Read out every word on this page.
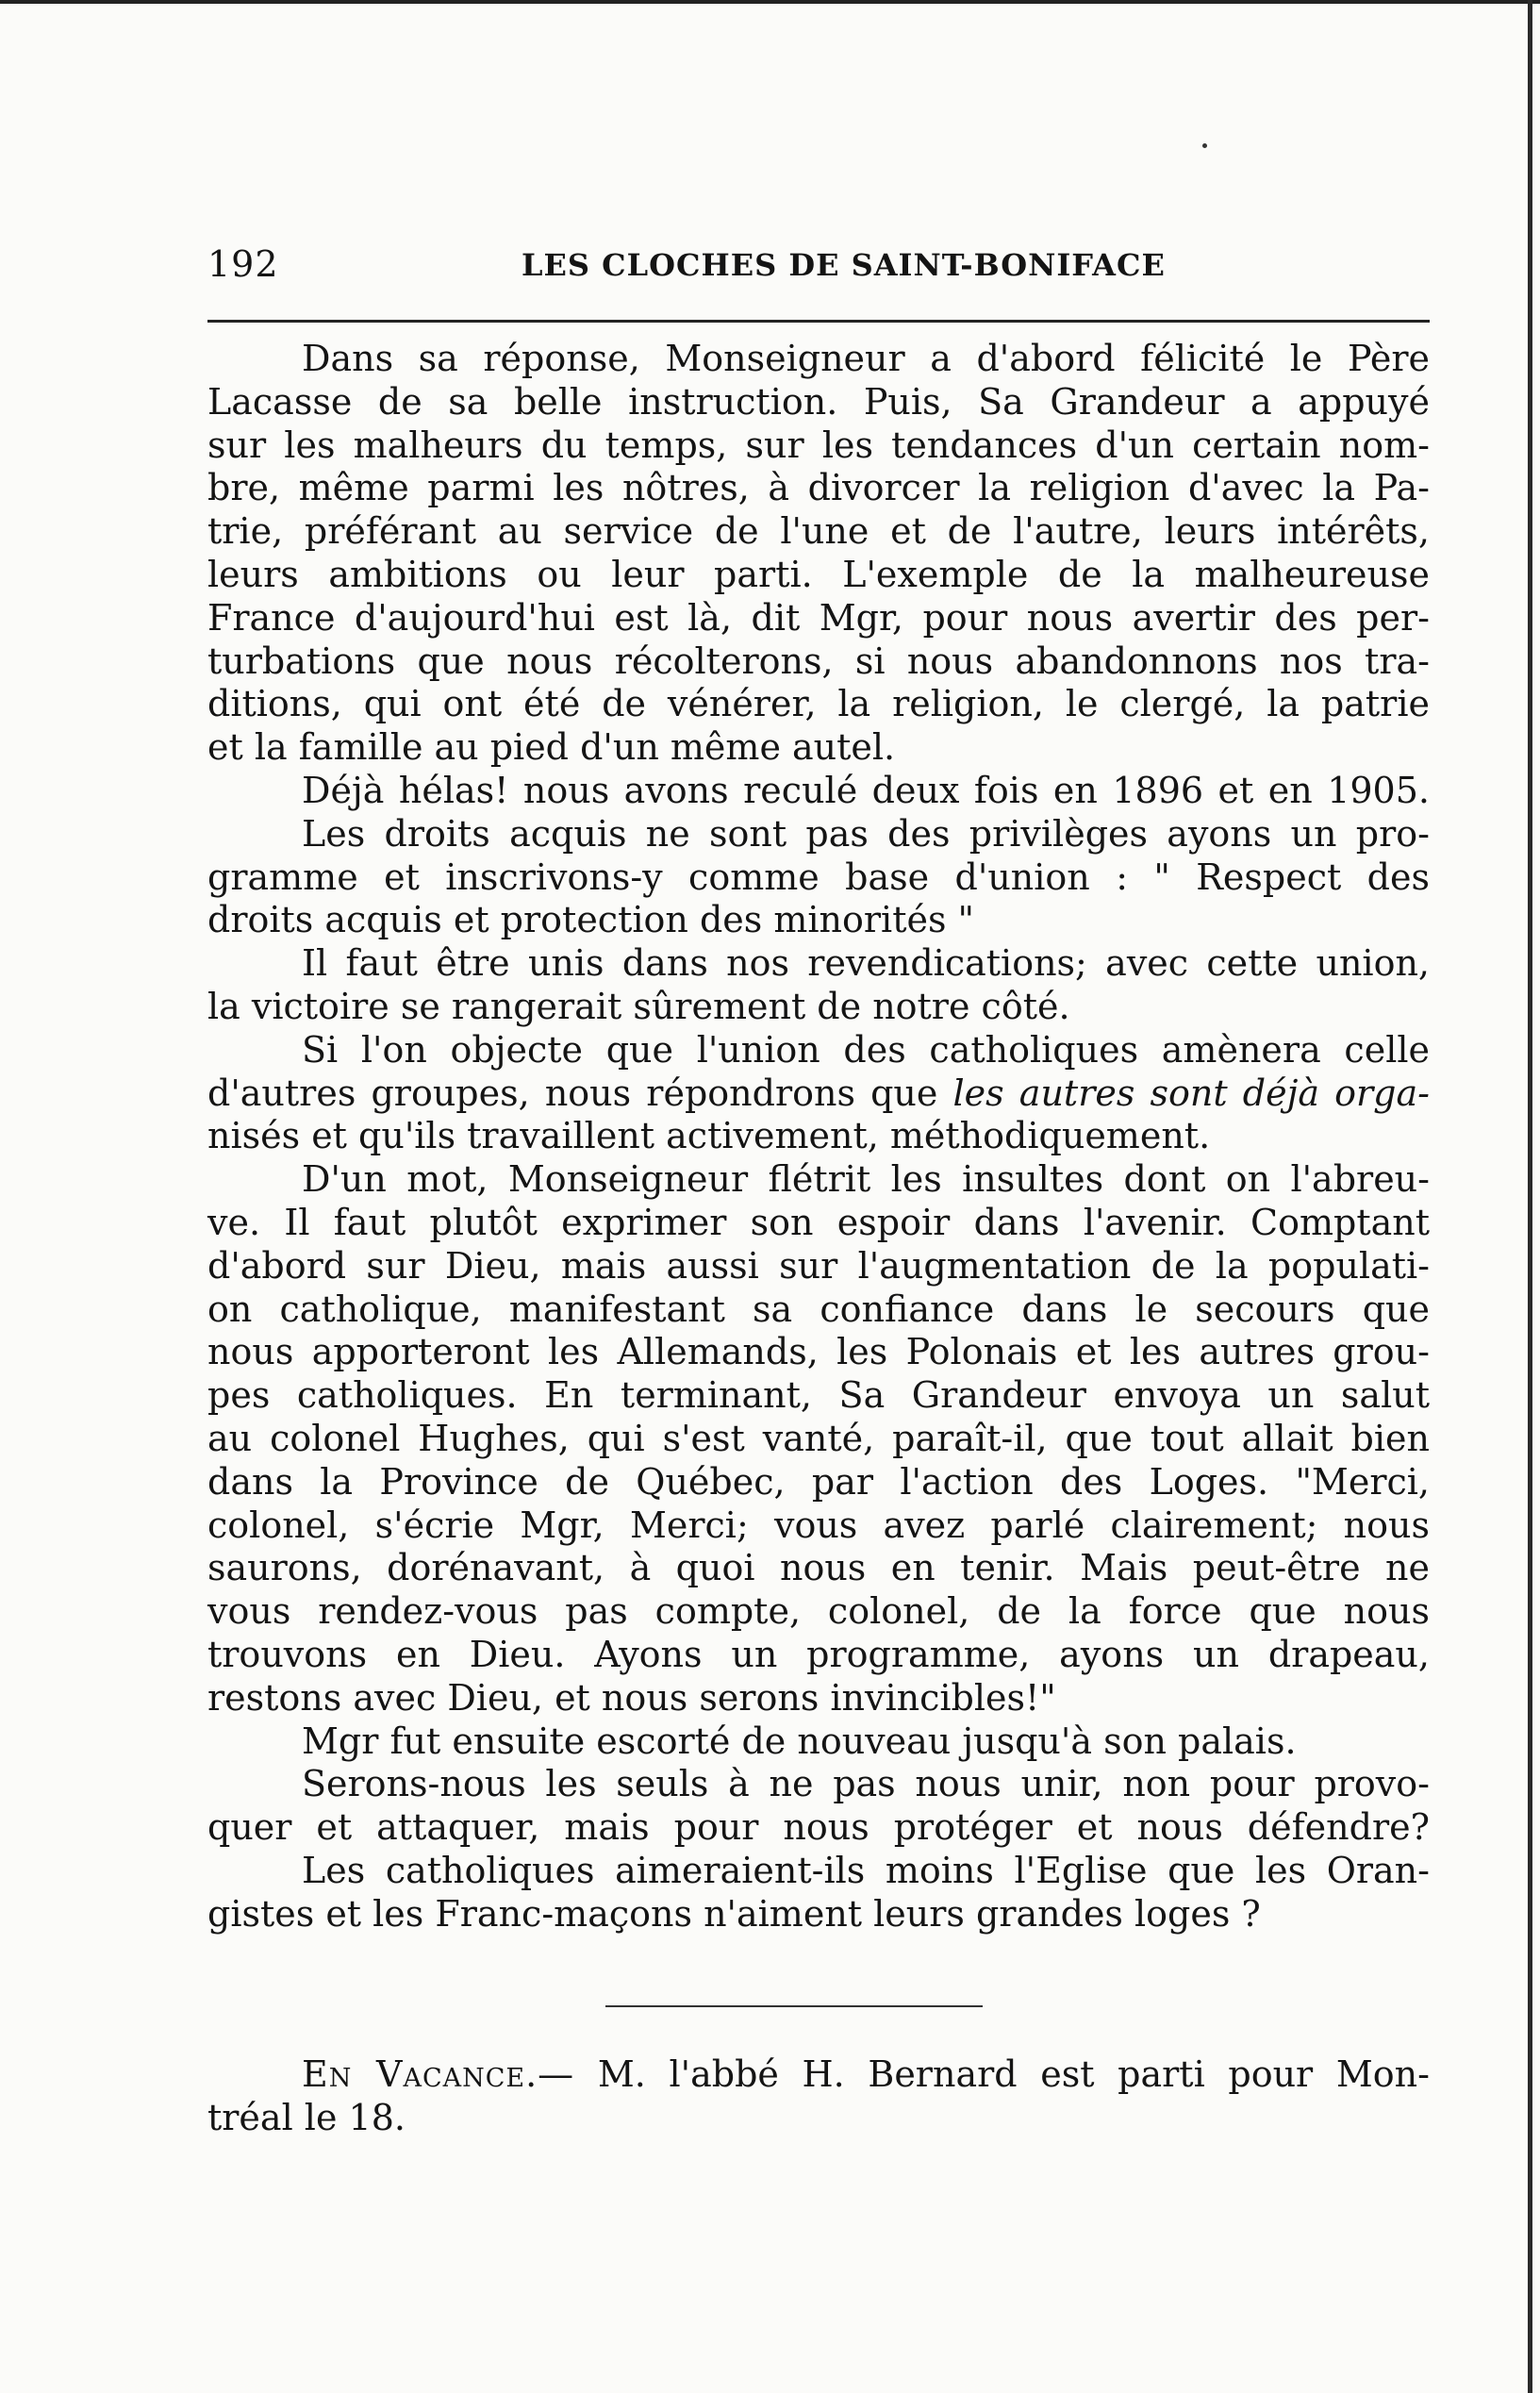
192	LES CLOCHES DE SAINT-BONIFACE
Dans sa réponse, Monseigneur a d'abord félicité le Père
Lacasse de sa belle instruction. Puis, Sa Grandeur a appuyé
sur les malheurs du temps, sur les tendances d'un certain nom-
bre, même parmi les nôtres, à divorcer la religion d'avec la Pa-
trie, préférant au service de l'une et de l'autre, leurs intérêts,
leurs ambitions ou leur parti. L'exemple de la malheureuse
France d'aujourd'hui est là, dit Mgr, pour nous avertir des per-
turbations que nous récolterons, si nous abandonnons nos tra-
ditions, qui ont été de vénérer, la religion, le clergé, la patrie
et la famille au pied d'un même autel.
Déjà hélas! nous avons reculé deux fois en 1896 et en 1905.
Les droits acquis ne sont pas des privilèges ayons un pro-
gramme et inscrivons-y comme base d'union : " Respect des
droits acquis et protection des minorités "
Il faut être unis dans nos revendications; avec cette union,
la victoire se rangerait sûrement de notre côté.
Si l'on objecte que l'union des catholiques amènera celle
d'autres groupes, nous répondrons que les autres sont déjà orga-
nisés et qu'ils travaillent activement, méthodiquement.
D'un mot, Monseigneur flétrit les insultes dont on l'abreu-
ve. Il faut plutôt exprimer son espoir dans l'avenir. Comptant
d'abord sur Dieu, mais aussi sur l'augmentation de la populati-
on catholique, manifestant sa confiance dans le secours que
nous apporteront les Allemands, les Polonais et les autres grou-
pes catholiques. En terminant, Sa Grandeur envoya un salut
au colonel Hughes, qui s'est vanté, paraît-il, que tout allait bien
dans la Province de Québec, par l'action des Loges. "Merci,
colonel, s'écrie Mgr, Merci; vous avez parlé clairement; nous
saurons, dorénavant, à quoi nous en tenir. Mais peut-être ne
vous rendez-vous pas compte, colonel, de la force que nous
trouvons en Dieu. Ayons un programme, ayons un drapeau,
restons avec Dieu, et nous serons invincibles!"
Mgr fut ensuite escorté de nouveau jusqu'à son palais.
Serons-nous les seuls à ne pas nous unir, non pour provo-
quer et attaquer, mais pour nous protéger et nous défendre?
Les catholiques aimeraient-ils moins l'Eglise que les Oran-
gistes et les Franc-maçons n'aiment leurs grandes loges ?
En Vacance.— M. l'abbé H. Bernard est parti pour Mon-
tréal le 18.
